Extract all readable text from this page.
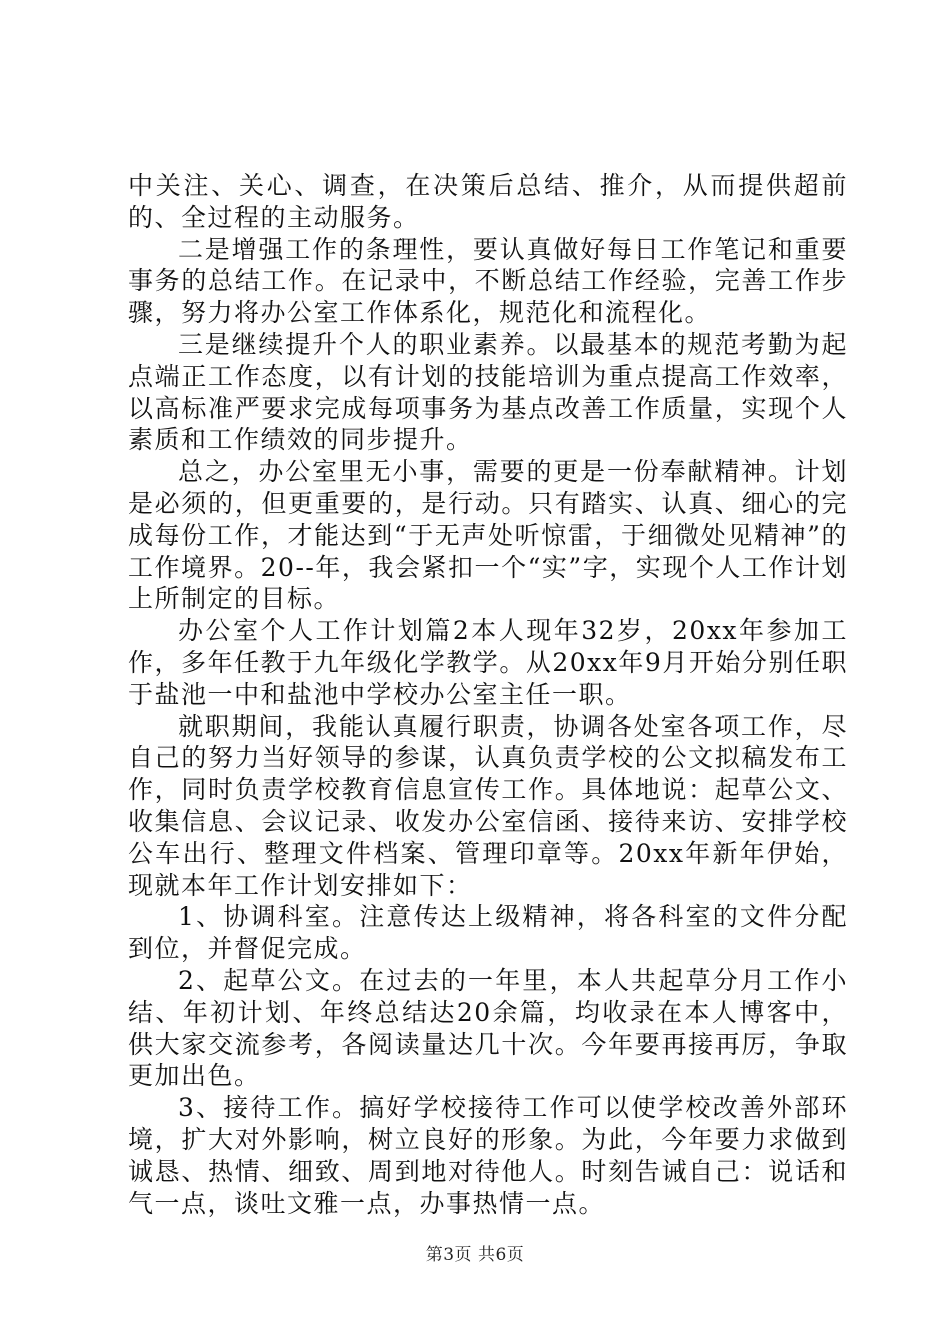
中关注、关心、调查，在决策后总结、推介，从而提供超前的、全过程的主动服务。

二是增强工作的条理性，要认真做好每日工作笔记和重要事务的总结工作。在记录中，不断总结工作经验，完善工作步骤，努力将办公室工作体系化，规范化和流程化。

三是继续提升个人的职业素养。以最基本的规范考勤为起点端正工作态度，以有计划的技能培训为重点提高工作效率，以高标准严要求完成每项事务为基点改善工作质量，实现个人素质和工作绩效的同步提升。

总之，办公室里无小事，需要的更是一份奉献精神。计划是必须的，但更重要的，是行动。只有踏实、认真、细心的完成每份工作，才能达到“于无声处听惊雷，于细微处见精神”的工作境界。20--年，我会紧扣一个“实”字，实现个人工作计划上所制定的目标。

办公室个人工作计划篇2本人现年32岁，20xx年参加工作，多年任教于九年级化学教学。从20xx年9月开始分别任职于盐池一中和盐池中学校办公室主任一职。

就职期间，我能认真履行职责，协调各处室各项工作，尽自己的努力当好领导的参谋，认真负责学校的公文拟稿发布工作，同时负责学校教育信息宣传工作。具体地说：起草公文、收集信息、会议记录、收发办公室信函、接待来访、安排学校公车出行、整理文件档案、管理印章等。20xx年新年伊始，现就本年工作计划安排如下：

1、协调科室。注意传达上级精神，将各科室的文件分配到位，并督促完成。

2、起草公文。在过去的一年里，本人共起草分月工作小结、年初计划、年终总结达20余篇，均收录在本人博客中，供大家交流参考，各阅读量达几十次。今年要再接再厉，争取更加出色。

3、接待工作。搞好学校接待工作可以使学校改善外部环境，扩大对外影响，树立良好的形象。为此，今年要力求做到诚恳、热情、细致、周到地对待他人。时刻告诫自己：说话和气一点，谈吐文雅一点，办事热情一点。

第3页 共6页
